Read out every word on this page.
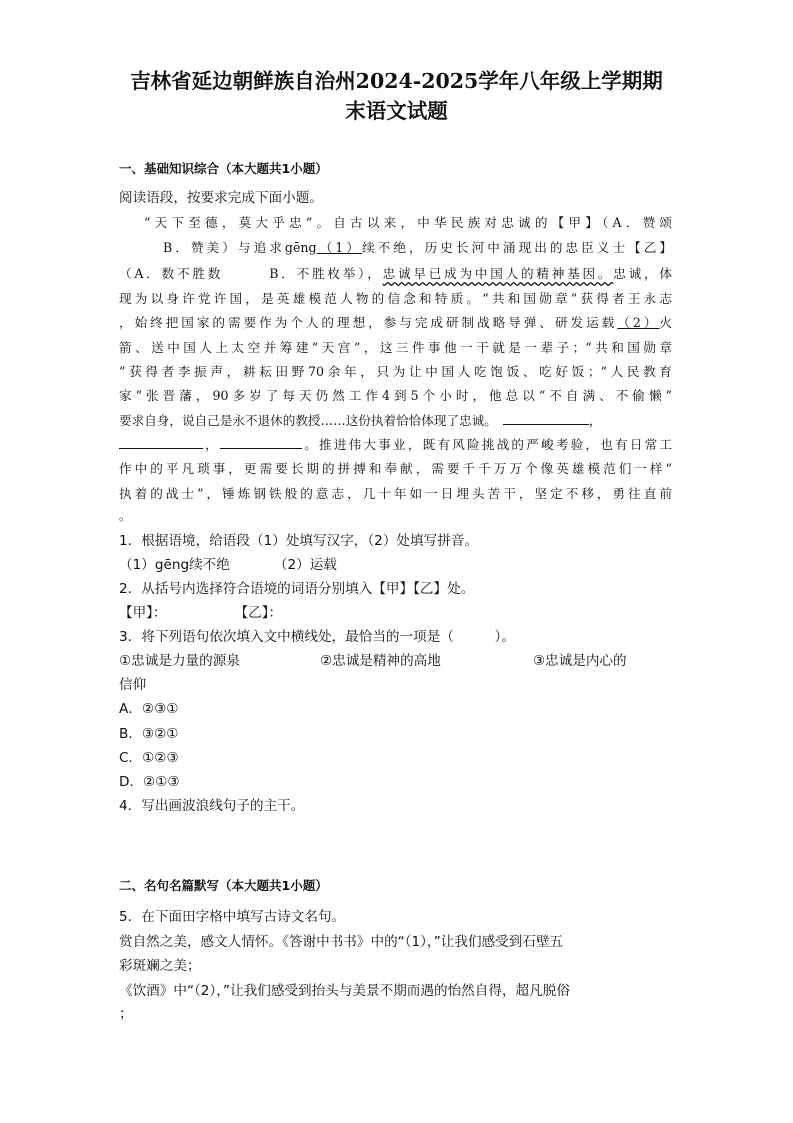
吉林省延边朝鲜族自治州2024-2025学年八年级上学期期
末语文试题
一、基础知识综合（本大题共1小题）
阅读语段，按要求完成下面小题。
“天下至德，莫大乎忠”。自古以来，中华民族对忠诚的【甲】（A．赞颂
B．赞美）与追求gēng（1）续不绝，历史长河中涌现出的忠臣义士【乙】
（A．数不胜数　　　B．不胜枚举），忠诚早已成为中国人的精神基因。忠诚，体
现为以身许党许国，是英雄模范人物的信念和特质。“共和国勋章”获得者王永志
，始终把国家的需要作为个人的理想，参与完成研制战略导弹、研发运载（2）火
箭、送中国人上太空并筹建“天宫”，这三件事他一干就是一辈子；“共和国勋章
”获得者李振声，耕耘田野70余年，只为让中国人吃饱饭、吃好饭；“人民教育
家”张晋藩，90多岁了每天仍然工作4到5个小时，他总以“不自满、不偷懒”
要求自身，说自己是永不退休的教授……这份执着恰恰体现了忠诚。	，
，	。推进伟大事业，既有风险挑战的严峻考验，也有日常工
作中的平凡琐事，更需要长期的拼搏和奉献，需要千千万万个像英雄模范们一样“
执着的战士”，锤炼钢铁般的意志，几十年如一日埋头苦干，坚定不移，勇往直前
。
1．根据语境，给语段（1）处填写汉字，（2）处填写拼音。
（1）gēng续不绝	（2）运载
2．从括号内选择符合语境的词语分别填入【甲】【乙】处。
【甲】：	【乙】：
3．将下列语句依次填入文中横线处，最恰当的一项是（　　　）。
①忠诚是力量的源泉	②忠诚是精神的高地	③忠诚是内心的
信仰
A．②③①
B．③②①
C．①②③
D．②①③
4．写出画波浪线句子的主干。
二、名句名篇默写（本大题共1小题）
5．在下面田字格中填写古诗文名句。
赏自然之美，感文人情怀。《答谢中书书》中的“（1），”让我们感受到石壁五
彩斑斓之美；
《饮酒》中“（2），”让我们感受到抬头与美景不期而遇的怡然自得，超凡脱俗
；
